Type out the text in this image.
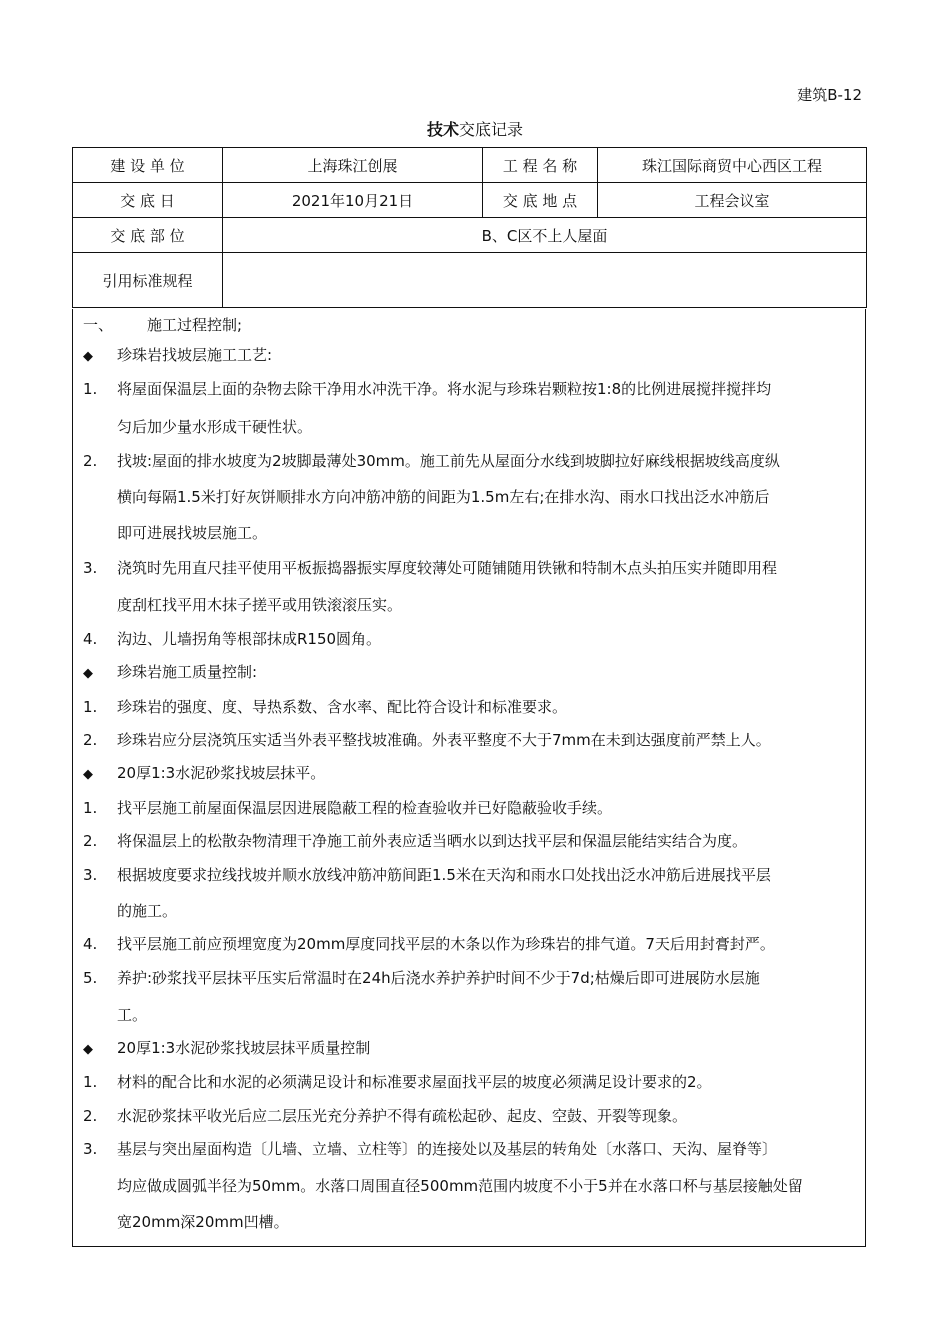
建筑B-12
技术交底记录
建 设 单 位	上海珠江创展	工 程 名 称	珠江国际商贸中心西区工程
交 底 日	2021年10月21日	交 底 地 点	工程会议室
交 底 部 位	B、C区不上人屋面		
引用标准规程			
一、 施工过程控制;
◆ 珍珠岩找坡层施工工艺:
1. 将屋面保温层上面的杂物去除干净用水冲洗干净。将水泥与珍珠岩颗粒按1:8的比例进展搅拌搅拌均
匀后加少量水形成干硬性状。
2. 找坡:屋面的排水坡度为2坡脚最薄处30mm。施工前先从屋面分水线到坡脚拉好麻线根据坡线高度纵
横向每隔1.5米打好灰饼顺排水方向冲筋冲筋的间距为1.5m左右;在排水沟、雨水口找出泛水冲筋后
即可进展找坡层施工。
3. 浇筑时先用直尺挂平使用平板振捣器振实厚度较薄处可随铺随用铁锹和特制木点头拍压实并随即用程
度刮杠找平用木抹子搓平或用铁滚滚压实。
4. 沟边、儿墙拐角等根部抹成R150圆角。
◆ 珍珠岩施工质量控制:
1. 珍珠岩的强度、度、导热系数、含水率、配比符合设计和标准要求。
2. 珍珠岩应分层浇筑压实适当外表平整找坡准确。外表平整度不大于7mm在未到达强度前严禁上人。
◆ 20厚1:3水泥砂浆找坡层抹平。
1. 找平层施工前屋面保温层因进展隐蔽工程的检查验收并已好隐蔽验收手续。
2. 将保温层上的松散杂物清理干净施工前外表应适当晒水以到达找平层和保温层能结实结合为度。
3. 根据坡度要求拉线找坡并顺水放线冲筋冲筋间距1.5米在天沟和雨水口处找出泛水冲筋后进展找平层
的施工。
4. 找平层施工前应预埋宽度为20mm厚度同找平层的木条以作为珍珠岩的排气道。7天后用封膏封严。
5. 养护:砂浆找平层抹平压实后常温时在24h后浇水养护养护时间不少于7d;枯燥后即可进展防水层施
工。
◆ 20厚1:3水泥砂浆找坡层抹平质量控制
1. 材料的配合比和水泥的必须满足设计和标准要求屋面找平层的坡度必须满足设计要求的2。
2. 水泥砂浆抹平收光后应二层压光充分养护不得有疏松起砂、起皮、空鼓、开裂等现象。
3. 基层与突出屋面构造〔儿墙、立墙、立柱等〕的连接处以及基层的转角处〔水落口、天沟、屋脊等〕
均应做成圆弧半径为50mm。水落口周围直径500mm范围内坡度不小于5并在水落口杯与基层接触处留
宽20mm深20mm凹槽。
